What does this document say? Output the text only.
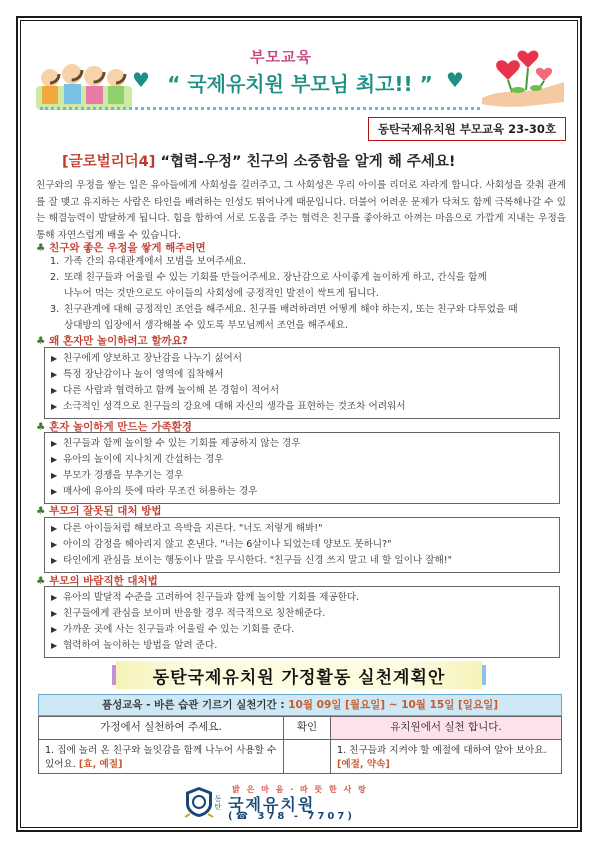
부모교육
♥ “ 국제유치원 부모님 최고!! ” ♥
동탄국제유치원 부모교육 23-30호
[글로벌리더4] “협력-우정” 친구의 소중함을 알게 해 주세요!
친구와의 우정을 쌓는 일은 유아들에게 사회성을 길러주고, 그 사회성은 우리 아이를 리더로 자라게 합니다. 사회성을 갖춰 관계를 잘 맺고 유지하는 사람은 타인을 배려하는 인성도 뛰어나게 때문입니다. 더불어 어려운 문제가 닥쳐도 함께 극복해나갈 수 있는 해결능력이 발달하게 됩니다. 힘을 합하여 서로 도움을 주는 협력은 친구를 좋아하고 아껴는 마음으로 가깝게 지내는 우정을 통해 자연스럽게 배울 수 있습니다.
♣ 친구와 좋은 우정을 쌓게 해주려면
1. 가족 간의 유대관계에서 모범을 보여주세요.
2. 또래 친구들과 어울릴 수 있는 기회를 만들어주세요. 장난감으로 사이좋게 놀이하게 하고, 간식을 함께
나누어 먹는 것만으로도 아이들의 사회성에 긍정적인 발전이 싹트게 됩니다.
3. 친구관계에 대해 긍정적인 조언을 해주세요. 친구를 배려하려면 어떻게 해야 하는지, 또는 친구와 다투었을 때
상대방의 입장에서 생각해볼 수 있도록 부모님께서 조언을 해주세요.
♣ 왜 혼자만 놀이하려고 할까요?
▶ 친구에게 양보하고 장난감을 나누기 싫어서
▶ 특정 장난감이나 놀이 영역에 집착해서
▶ 다른 사람과 협력하고 함께 놀이해 본 경험이 적어서
▶ 소극적인 성격으로 친구들의 강요에 대해 자신의 생각을 표현하는 것조차 어려워서
♣ 혼자 놀이하게 만드는 가족환경
▶ 친구들과 함께 놀이할 수 있는 기회를 제공하지 않는 경우
▶ 유아의 놀이에 지나치게 간섭하는 경우
▶ 부모가 경쟁을 부추기는 경우
▶ 매사에 유아의 뜻에 따라 무조건 허용하는 경우
♣ 부모의 잘못된 대처 방법
▶ 다른 아이들처럼 해보라고 윽박을 지른다. "너도 저렇게 해봐!"
▶ 아이의 감정을 헤아리지 않고 혼낸다. "너는 6살이나 되었는데 양보도 못하니?"
▶ 타인에게 관심을 보이는 행동이나 말을 무시한다. "친구들 신경 쓰지 말고 네 할 일이나 잘해!"
♣ 부모의 바람직한 대처법
▶ 유아의 발달적 수준을 고려하여 친구들과 함께 놀이할 기회를 제공한다.
▶ 친구들에게 관심을 보이며 반응할 경우 적극적으로 칭찬해준다.
▶ 가까운 곳에 사는 친구들과 어울릴 수 있는 기회를 준다.
▶ 협력하여 놀이하는 방법을 알려 준다.
동탄국제유치원 가정활동 실천계획안
품성교육 - 바른 습관 기르기 실천기간 : 10월 09일 [월요일] ~ 10월 15일 [일요일]
가정에서 실천하여 주세요.	확인	유치원에서 실천 합니다.
1. 집에 놀러 온 친구와 놀잇감을 함께 나누어 사용할 수 있어요. [효, 예절]		1. 친구들과 지켜야 할 예절에 대하여 알아 보아요. [예절, 약속]
밝 은 마 음 · 따 뜻 한 사 랑
동탄 국제유치원
(☎ 378 - 7707)
